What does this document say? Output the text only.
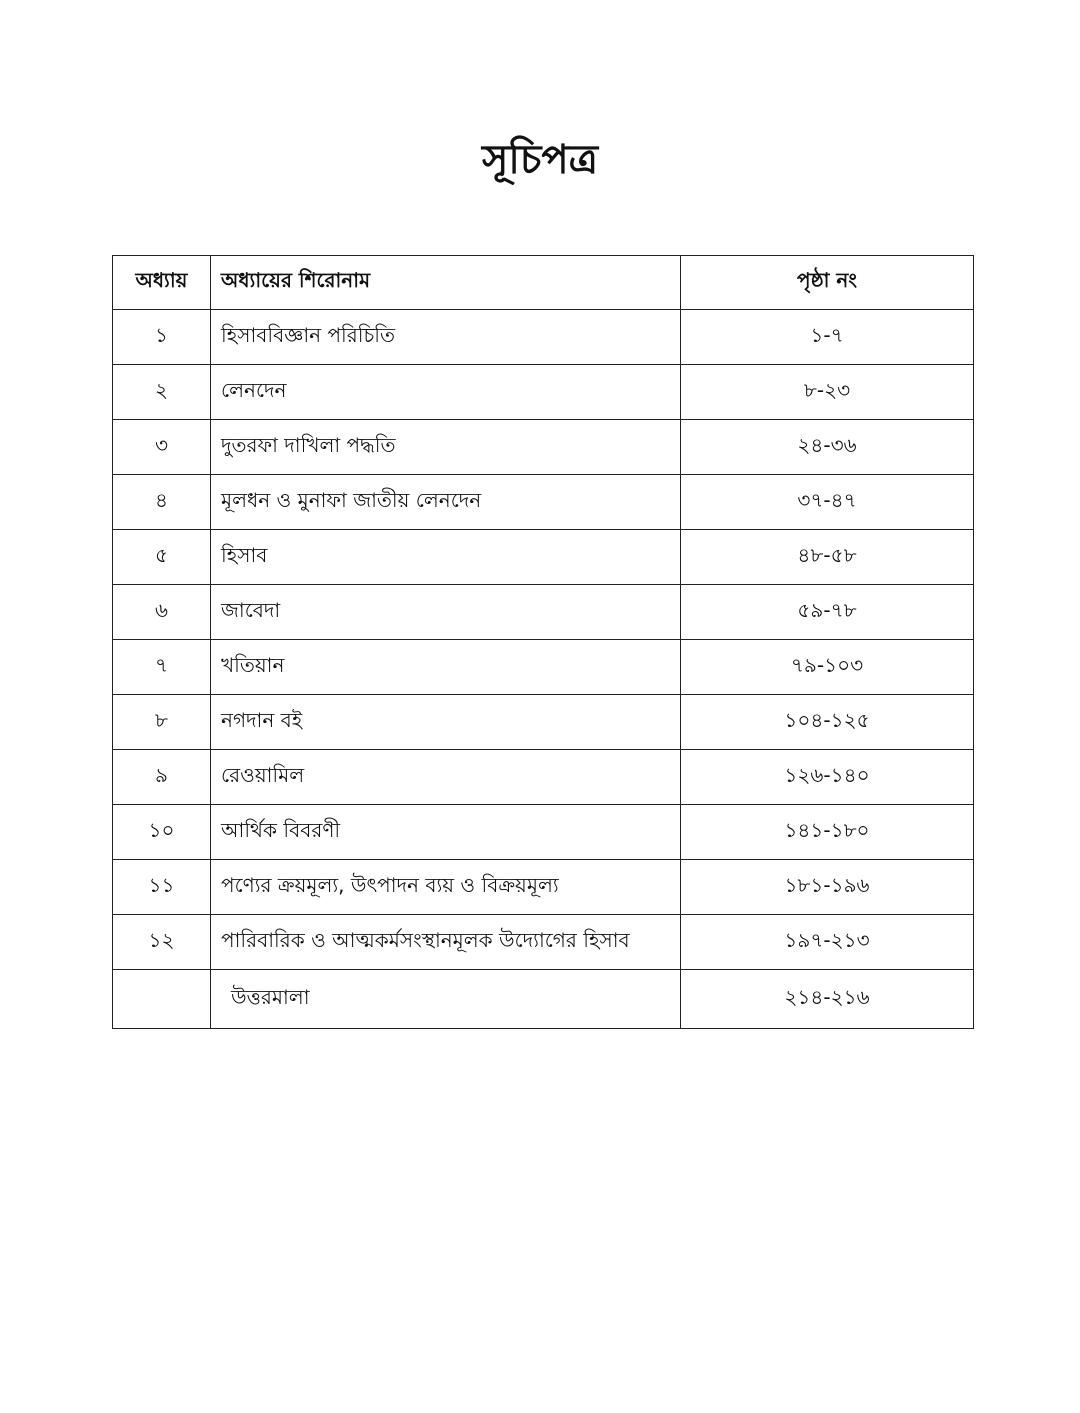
সূচিপত্র
অধ্যায়	অধ্যায়ের শিরোনাম	পৃষ্ঠা নং
১	হিসাববিজ্ঞান পরিচিতি	১-৭
২	লেনদেন	৮-২৩
৩	দুতরফা দাখিলা পদ্ধতি	২৪-৩৬
৪	মূলধন ও মুনাফা জাতীয় লেনদেন	৩৭-৪৭
৫	হিসাব	৪৮-৫৮
৬	জাবেদা	৫৯-৭৮
৭	খতিয়ান	৭৯-১০৩
৮	নগদান বই	১০৪-১২৫
৯	রেওয়ামিল	১২৬-১৪০
১০	আর্থিক বিবরণী	১৪১-১৮০
১১	পণ্যের ক্রয়মূল্য, উৎপাদন ব্যয় ও বিক্রয়মূল্য	১৮১-১৯৬
১২	পারিবারিক ও আত্মকর্মসংস্থানমূলক উদ্যোগের হিসাব	১৯৭-২১৩
	উত্তরমালা	২১৪-২১৬
